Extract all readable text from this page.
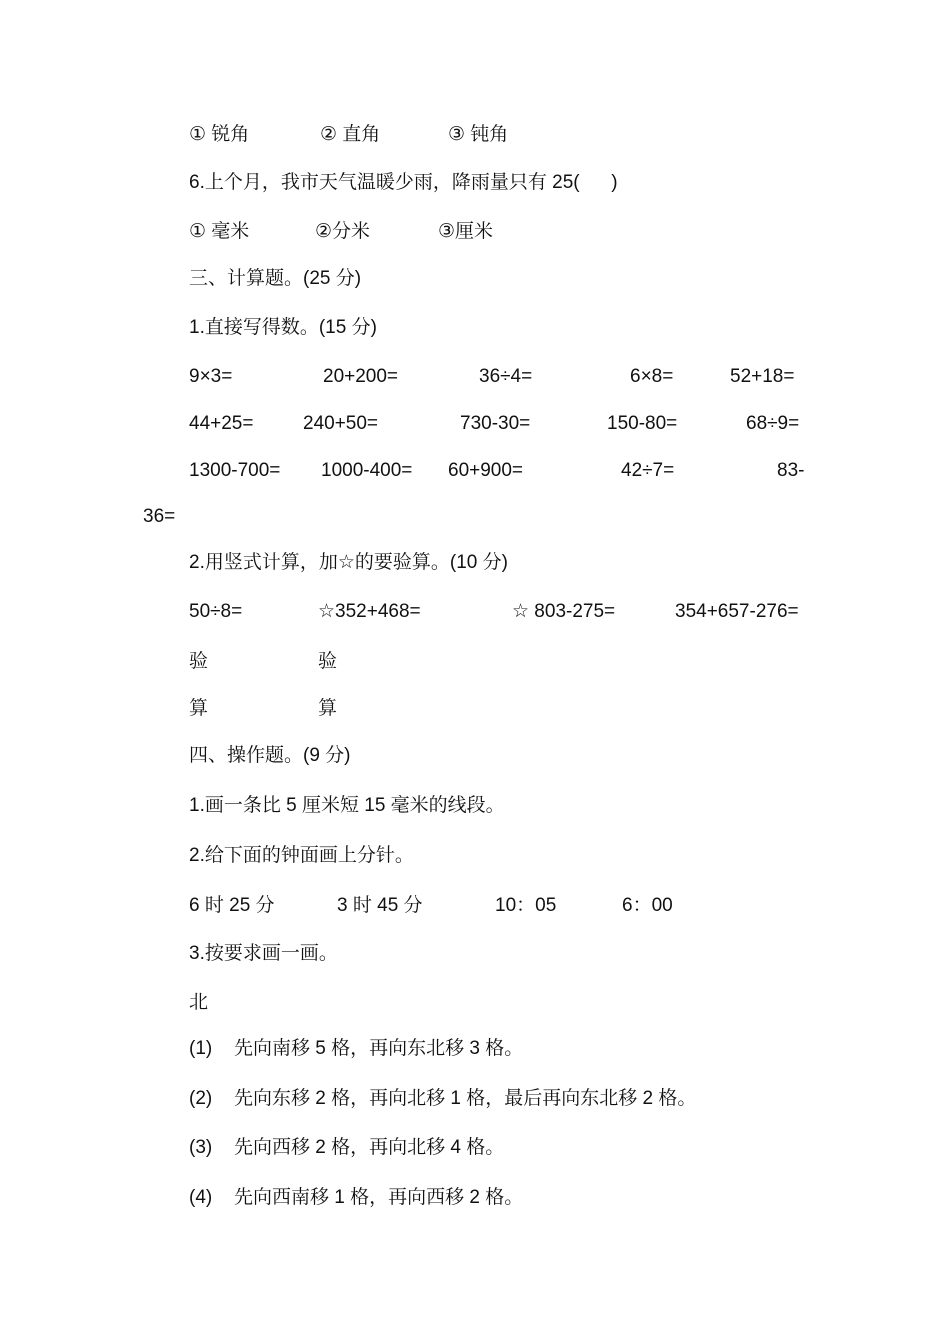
① 锐角	② 直角	③ 钝角
6.上个月，我市天气温暖少雨，降雨量只有 25(      )
① 毫米	②分米	③厘米
三、计算题。(25 分)
1.直接写得数。(15 分)
9×3=	20+200=	36÷4=	6×8=	52+18=
44+25=	240+50=	730-30=	150-80=	68÷9=
1300-700= 1000-400= 60+900=	42÷7=	83-
36=
2.用竖式计算，加☆的要验算。(10 分)
50÷8=	☆352+468=	☆ 803-275=	354+657-276=
验	验
算	算
四、操作题。(9 分)
1.画一条比 5 厘米短 15 毫米的线段。
2.给下面的钟面画上分针。
6 时 25 分	3 时 45 分	10：05	6：00
3.按要求画一画。
北
(1) 先向南移 5 格，再向东北移 3 格。
(2) 先向东移 2 格，再向北移 1 格，最后再向东北移 2 格。
(3) 先向西移 2 格，再向北移 4 格。
(4) 先向西南移 1 格，再向西移 2 格。
